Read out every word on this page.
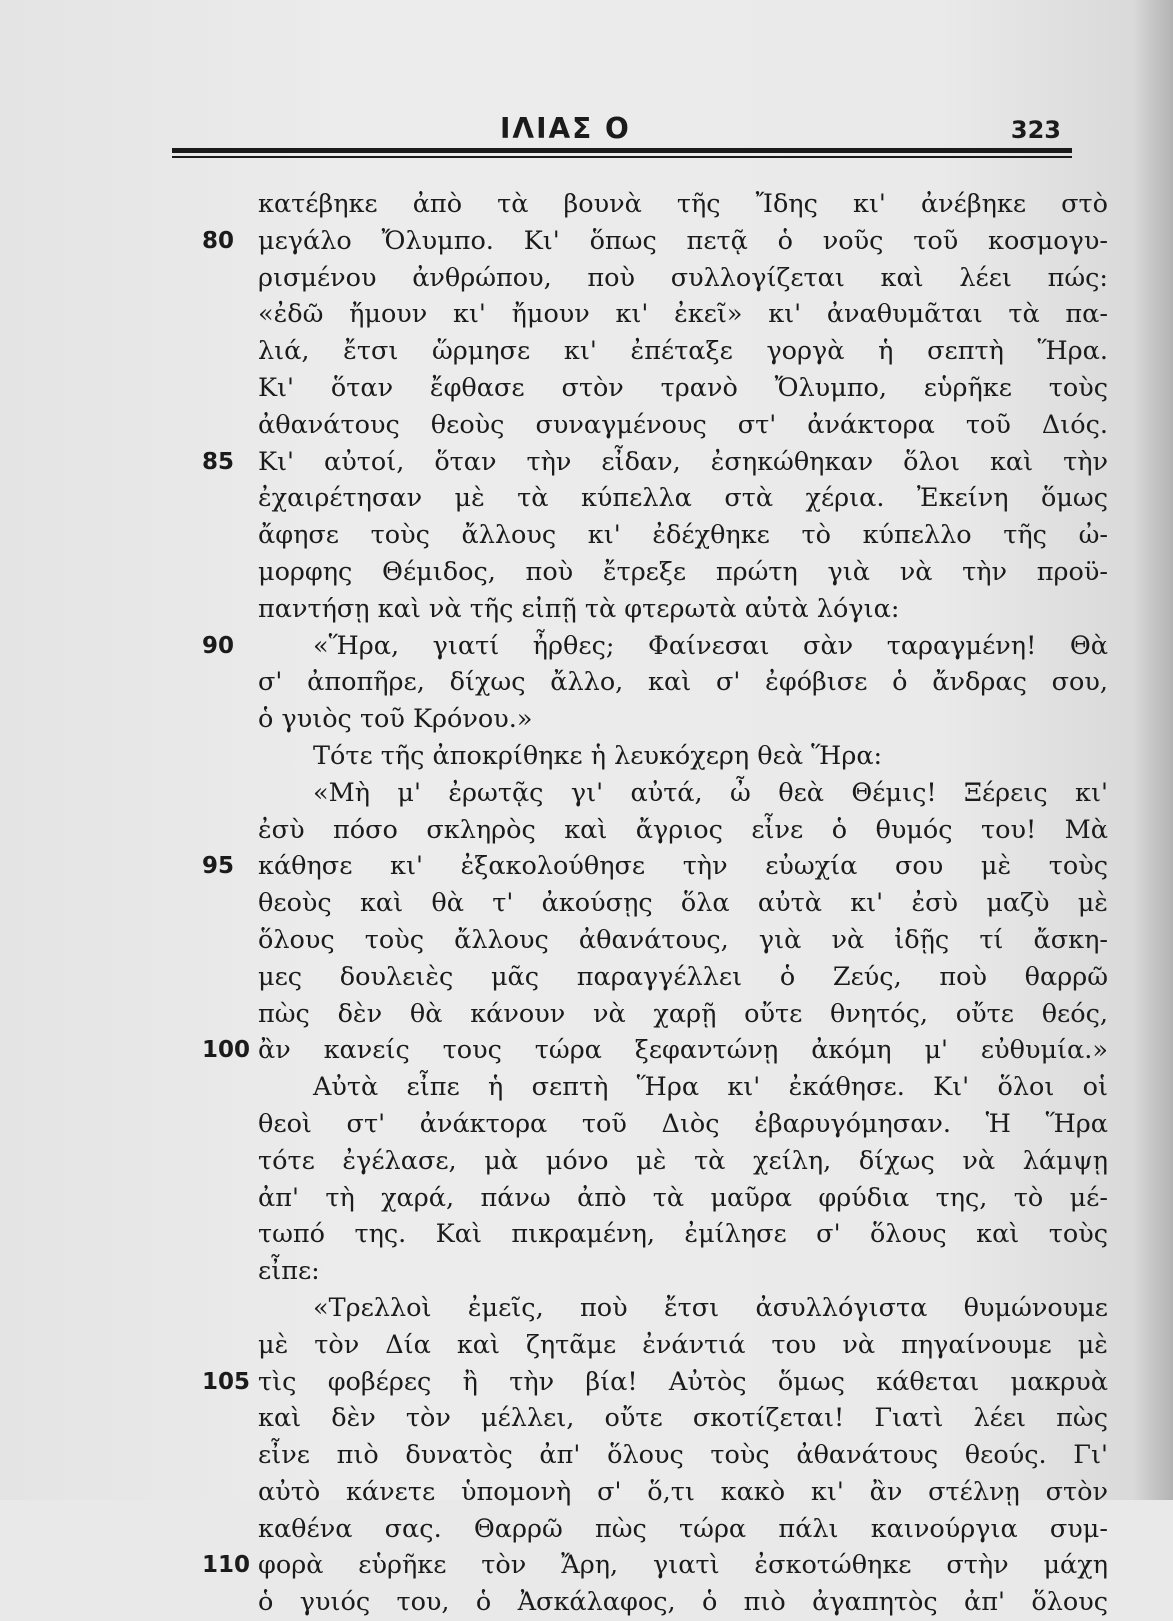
ΙΛΙΑΣ Ο	323
κατέβηκε ἀπὸ τὰ βουνὰ τῆς Ἴδης κι' ἀνέβηκε στὸ
80 μεγάλο Ὄλυμπο. Κι' ὅπως πετᾷ ὁ νοῦς τοῦ κοσμογυ-
ρισμένου ἀνθρώπου, ποὺ συλλογίζεται καὶ λέει πώς:
«ἐδῶ ἤμουν κι' ἤμουν κι' ἐκεῖ» κι' ἀναθυμᾶται τὰ πα-
λιά, ἔτσι ὥρμησε κι' ἐπέταξε γοργὰ ἡ σεπτὴ Ἥρα.
Κι' ὅταν ἔφθασε στὸν τρανὸ Ὄλυμπο, εὑρῆκε τοὺς
ἀθανάτους θεοὺς συναγμένους στ' ἀνάκτορα τοῦ Διός.
85 Κι' αὐτοί, ὅταν τὴν εἶδαν, ἐσηκώθηκαν ὅλοι καὶ τὴν
ἐχαιρέτησαν μὲ τὰ κύπελλα στὰ χέρια. Ἐκείνη ὅμως
ἄφησε τοὺς ἄλλους κι' ἐδέχθηκε τὸ κύπελλο τῆς ὠ-
μορφης Θέμιδος, ποὺ ἔτρεξε πρώτη γιὰ νὰ τὴν προϋ-
παντήσῃ καὶ νὰ τῆς εἰπῇ τὰ φτερωτὰ αὐτὰ λόγια:
90	«Ἥρα, γιατί ἦρθες; Φαίνεσαι σὰν ταραγμένη! Θὰ
σ' ἀποπῆρε, δίχως ἄλλο, καὶ σ' ἐφόβισε ὁ ἄνδρας σου,
ὁ γυιὸς τοῦ Κρόνου.»
Τότε τῆς ἀποκρίθηκε ἡ λευκόχερη θεὰ Ἥρα:
«Μὴ μ' ἐρωτᾷς γι' αὐτά, ὦ θεὰ Θέμις! Ξέρεις κι'
ἐσὺ πόσο σκληρὸς καὶ ἄγριος εἶνε ὁ θυμός του! Μὰ
95 κάθησε κι' ἐξακολούθησε τὴν εὐωχία σου μὲ τοὺς
θεοὺς καὶ θὰ τ' ἀκούσῃς ὅλα αὐτὰ κι' ἐσὺ μαζὺ μὲ
ὅλους τοὺς ἄλλους ἀθανάτους, γιὰ νὰ ἰδῇς τί ἄσκη-
μες δουλειὲς μᾶς παραγγέλλει ὁ Ζεύς, ποὺ θαρρῶ
πὼς δὲν θὰ κάνουν νὰ χαρῇ οὔτε θνητός, οὔτε θεός,
100 ἂν κανείς τους τώρα ξεφαντώνῃ ἀκόμη μ' εὐθυμία.»
Αὐτὰ εἶπε ἡ σεπτὴ Ἥρα κι' ἐκάθησε. Κι' ὅλοι οἱ
θεοὶ στ' ἀνάκτορα τοῦ Διὸς ἐβαρυγόμησαν. Ἡ Ἥρα
τότε ἐγέλασε, μὰ μόνο μὲ τὰ χείλη, δίχως νὰ λάμψῃ
ἀπ' τὴ χαρά, πάνω ἀπὸ τὰ μαῦρα φρύδια της, τὸ μέ-
τωπό της. Καὶ πικραμένη, ἐμίλησε σ' ὅλους καὶ τοὺς
εἶπε:
«Τρελλοὶ ἐμεῖς, ποὺ ἔτσι ἀσυλλόγιστα θυμώνουμε
μὲ τὸν Δία καὶ ζητᾶμε ἐνάντιά του νὰ πηγαίνουμε μὲ
105 τὶς φοβέρες ἢ τὴν βία! Αὐτὸς ὅμως κάθεται μακρυὰ
καὶ δὲν τὸν μέλλει, οὔτε σκοτίζεται! Γιατὶ λέει πὼς
εἶνε πιὸ δυνατὸς ἀπ' ὅλους τοὺς ἀθανάτους θεούς. Γι'
αὐτὸ κάνετε ὑπομονὴ σ' ὅ,τι κακὸ κι' ἂν στέλνῃ στὸν
καθένα σας. Θαρρῶ πὼς τώρα πάλι καινούργια συμ-
110 φορὰ εὑρῆκε τὸν Ἄρη, γιατὶ ἐσκοτώθηκε στὴν μάχη
ὁ γυιός του, ὁ Ἀσκάλαφος, ὁ πιὸ ἀγαπητὸς ἀπ' ὅλους
